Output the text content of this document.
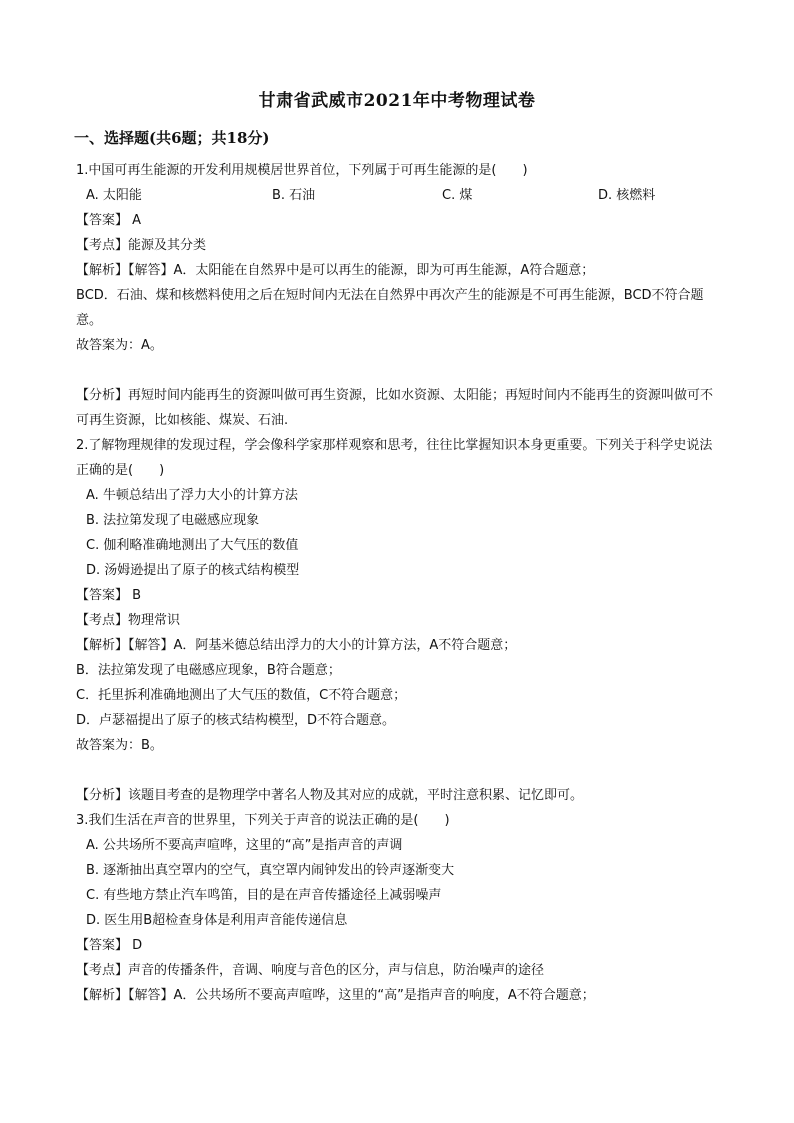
甘肃省武威市2021年中考物理试卷
一、选择题(共6题；共18分)
1.中国可再生能源的开发利用规模居世界首位，下列属于可再生能源的是(　　)
A. 太阳能	B. 石油	C. 煤	D. 核燃料
【答案】 A
【考点】能源及其分类
【解析】【解答】A．太阳能在自然界中是可以再生的能源，即为可再生能源，A符合题意；
BCD．石油、煤和核燃料使用之后在短时间内无法在自然界中再次产生的能源是不可再生能源，BCD不符合题意。
故答案为：A。
【分析】再短时间内能再生的资源叫做可再生资源，比如水资源、太阳能；再短时间内不能再生的资源叫做可不可再生资源，比如核能、煤炭、石油.
2.了解物理规律的发现过程，学会像科学家那样观察和思考，往往比掌握知识本身更重要。下列关于科学史说法正确的是(　　)
A. 牛顿总结出了浮力大小的计算方法
B. 法拉第发现了电磁感应现象
C. 伽利略准确地测出了大气压的数值
D. 汤姆逊提出了原子的核式结构模型
【答案】 B
【考点】物理常识
【解析】【解答】A．阿基米德总结出浮力的大小的计算方法，A不符合题意；
B．法拉第发现了电磁感应现象，B符合题意；
C．托里拆利准确地测出了大气压的数值，C不符合题意；
D．卢瑟福提出了原子的核式结构模型，D不符合题意。
故答案为：B。
【分析】该题目考查的是物理学中著名人物及其对应的成就，平时注意积累、记忆即可。
3.我们生活在声音的世界里，下列关于声音的说法正确的是(　　)
A. 公共场所不要高声喧哗，这里的“高”是指声音的声调
B. 逐渐抽出真空罩内的空气，真空罩内闹钟发出的铃声逐渐变大
C. 有些地方禁止汽车鸣笛，目的是在声音传播途径上减弱噪声
D. 医生用B超检查身体是利用声音能传递信息
【答案】 D
【考点】声音的传播条件，音调、响度与音色的区分，声与信息，防治噪声的途径
【解析】【解答】A．公共场所不要高声喧哗，这里的“高”是指声音的响度，A不符合题意；
